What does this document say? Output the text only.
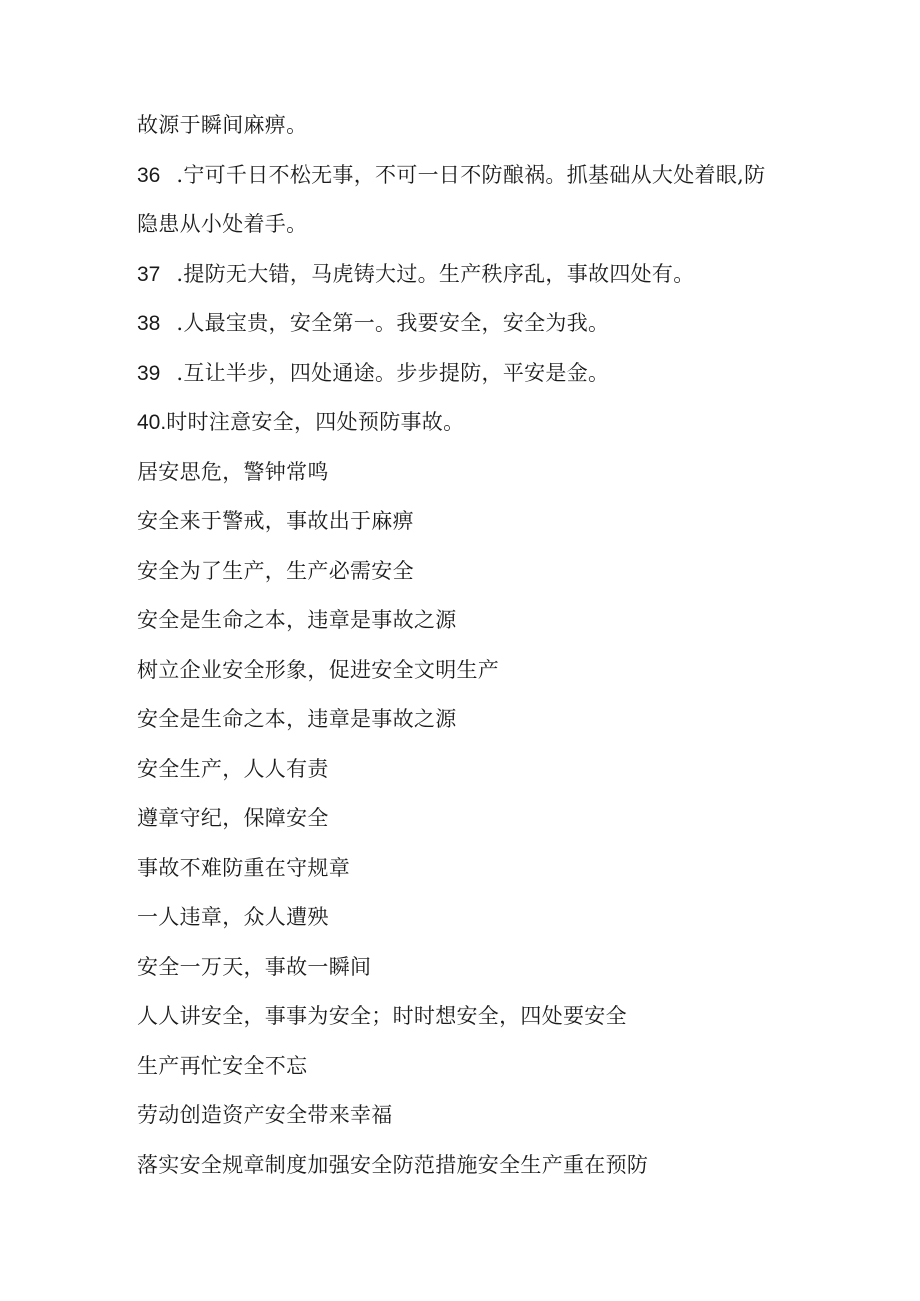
故源于瞬间麻痹。
36 .宁可千日不松无事，不可一日不防酿祸。抓基础从大处着眼,防
隐患从小处着手。
37 .提防无大错，马虎铸大过。生产秩序乱，事故四处有。
38 .人最宝贵，安全第一。我要安全，安全为我。
39 .互让半步，四处通途。步步提防，平安是金。
40.时时注意安全，四处预防事故。
居安思危，警钟常鸣
安全来于警戒，事故出于麻痹
安全为了生产，生产必需安全
安全是生命之本，违章是事故之源
树立企业安全形象，促进安全文明生产
安全是生命之本，违章是事故之源
安全生产，人人有责
遵章守纪，保障安全
事故不难防重在守规章
一人违章，众人遭殃
安全一万天，事故一瞬间
人人讲安全，事事为安全；时时想安全，四处要安全
生产再忙安全不忘
劳动创造资产安全带来幸福
落实安全规章制度加强安全防范措施安全生产重在预防
